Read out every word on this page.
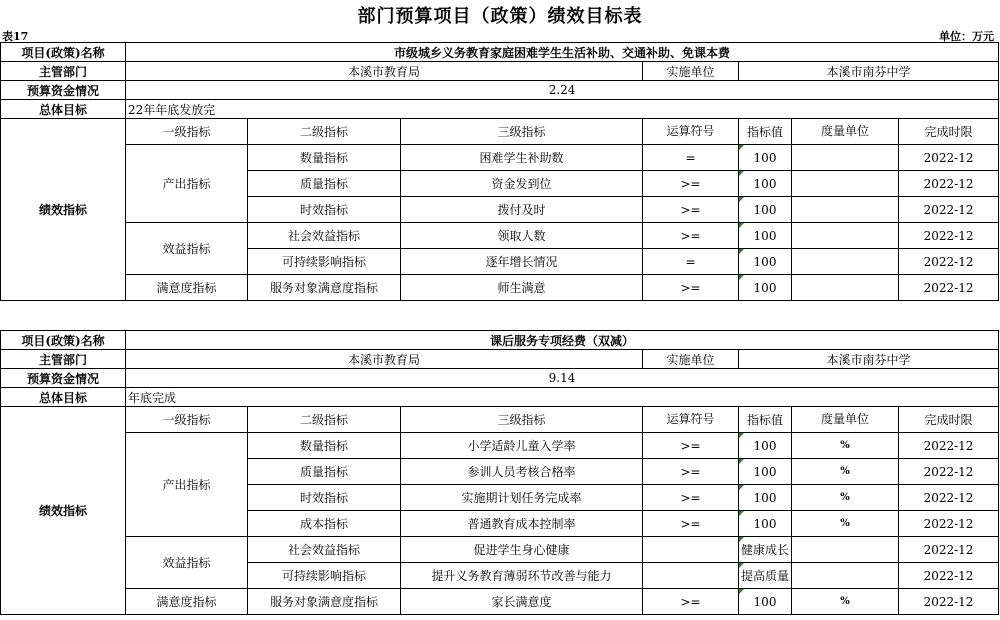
部门预算项目（政策）绩效目标表
表17	单位：万元
项目(政策)名称	市级城乡义务教育家庭困难学生生活补助、交通补助、免课本费						
主管部门	本溪市教育局			实施单位	本溪市南芬中学		
预算资金情况	2.24						
总体目标	22年年底发放完						
绩效指标	一级指标	二级指标	三级指标	运算符号	指标值	度量单位	完成时限
	产出指标	数量指标	困难学生补助数	=	100		2022-12
		质量指标	资金发到位	>=	100		2022-12
		时效指标	拨付及时	>=	100		2022-12
	效益指标	社会效益指标	领取人数	>=	100		2022-12
		可持续影响指标	逐年增长情况	=	100		2022-12
	满意度指标	服务对象满意度指标	师生满意	>=	100		2022-12
项目(政策)名称	课后服务专项经费（双减）						
主管部门	本溪市教育局			实施单位	本溪市南芬中学		
预算资金情况	9.14						
总体目标	年底完成						
绩效指标	一级指标	二级指标	三级指标	运算符号	指标值	度量单位	完成时限
	产出指标	数量指标	小学适龄儿童入学率	>=	100	%	2022-12
		质量指标	参训人员考核合格率	>=	100	%	2022-12
		时效指标	实施期计划任务完成率	>=	100	%	2022-12
		成本指标	普通教育成本控制率	>=	100	%	2022-12
	效益指标	社会效益指标	促进学生身心健康		健康成长		2022-12
		可持续影响指标	提升义务教育薄弱环节改善与能力		提高质量		2022-12
	满意度指标	服务对象满意度指标	家长满意度	>=	100	%	2022-12
